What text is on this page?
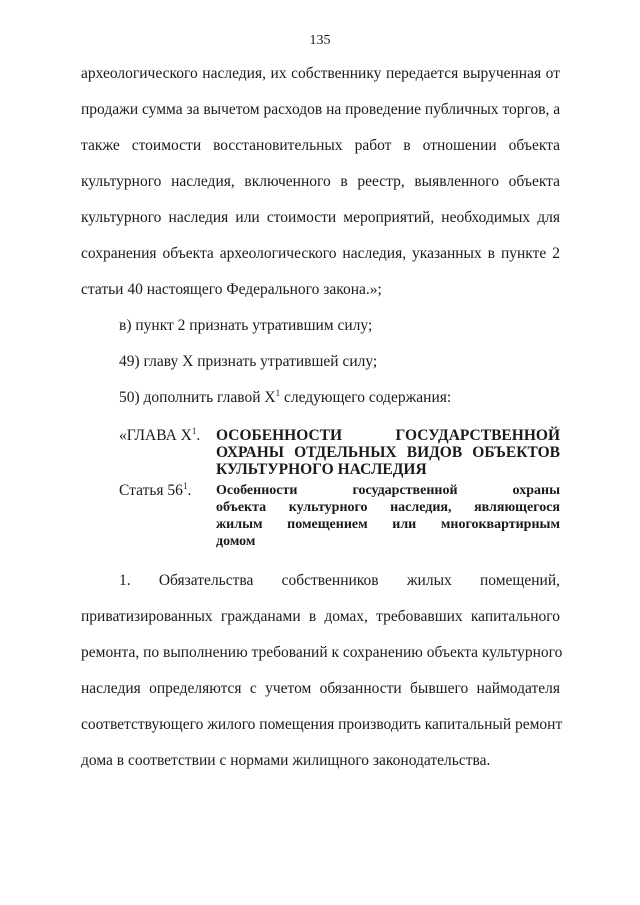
135
археологического наследия, их собственнику передается вырученная от
продажи сумма за вычетом расходов на проведение публичных торгов, а
также стоимости восстановительных работ в отношении объекта
культурного наследия, включенного в реестр, выявленного объекта
культурного наследия или стоимости мероприятий, необходимых для
сохранения объекта археологического наследия, указанных в пункте 2
статьи 40 настоящего Федерального закона.»;
в) пункт 2 признать утратившим силу;
49) главу X признать утратившей силу;
50) дополнить главой $X^1$ следующего содержания:
«ГЛАВА $X^1$. ОСОБЕННОСТИ ГОСУДАРСТВЕННОЙ
ОХРАНЫ ОТДЕЛЬНЫХ ВИДОВ ОБЪЕКТОВ
КУЛЬТУРНОГО НАСЛЕДИЯ
Статья $56^1$. Особенности государственной охраны
объекта культурного наследия, являющегося
жилым помещением или многоквартирным
домом
1. Обязательства собственников жилых помещений,
приватизированных гражданами в домах, требовавших капитального
ремонта, по выполнению требований к сохранению объекта культурного
наследия определяются с учетом обязанности бывшего наймодателя
соответствующего жилого помещения производить капитальный ремонт
дома в соответствии с нормами жилищного законодательства.
